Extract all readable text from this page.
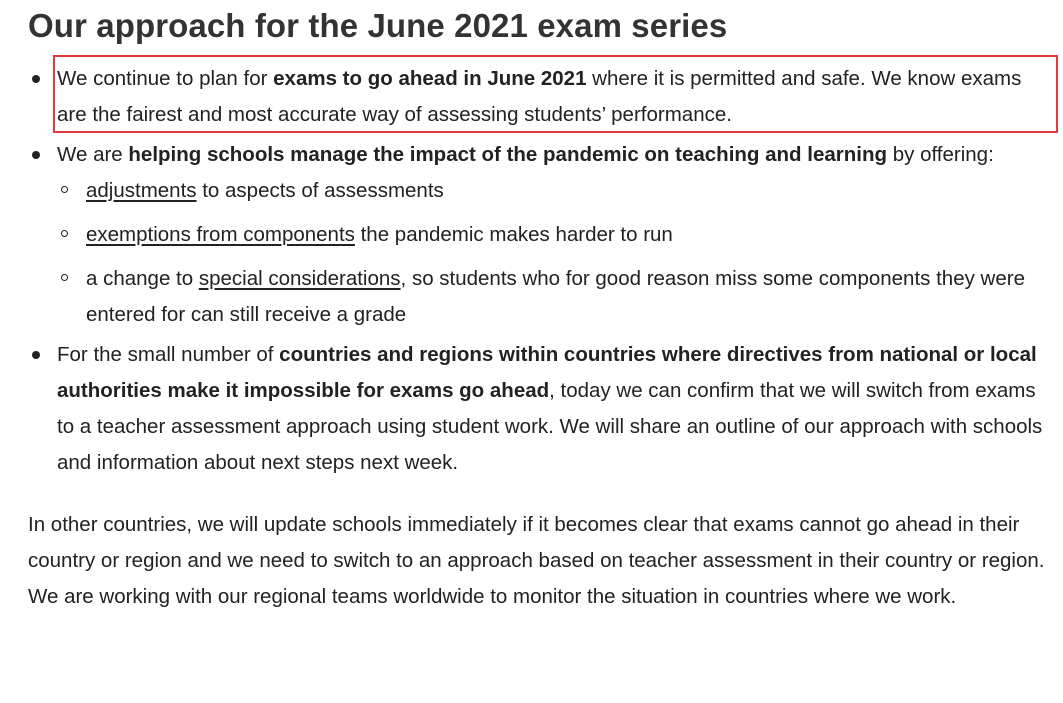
Our approach for the June 2021 exam series
We continue to plan for exams to go ahead in June 2021 where it is permitted and safe. We know exams are the fairest and most accurate way of assessing students’ performance.
We are helping schools manage the impact of the pandemic on teaching and learning by offering:
adjustments to aspects of assessments
exemptions from components the pandemic makes harder to run
a change to special considerations, so students who for good reason miss some components they were entered for can still receive a grade
For the small number of countries and regions within countries where directives from national or local authorities make it impossible for exams go ahead, today we can confirm that we will switch from exams to a teacher assessment approach using student work. We will share an outline of our approach with schools and information about next steps next week.

In other countries, we will update schools immediately if it becomes clear that exams cannot go ahead in their country or region and we need to switch to an approach based on teacher assessment in their country or region. We are working with our regional teams worldwide to monitor the situation in countries where we work.
